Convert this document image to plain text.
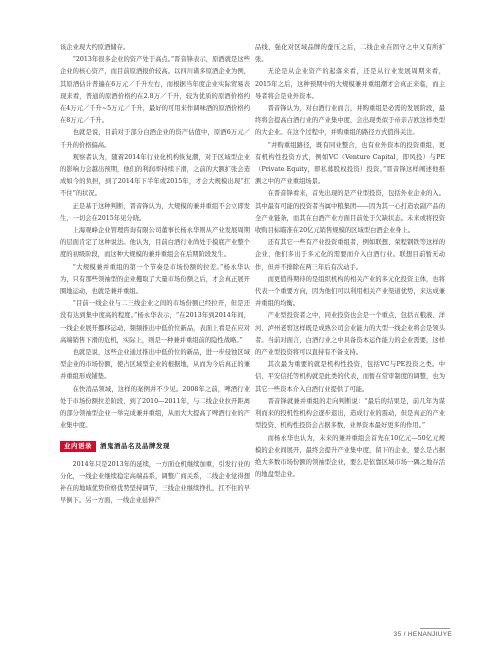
该企业现大约原酒储存。

“2013年很多企业的资产处于高点。”晋音锋表示，原酒就是这些企业的核心资产，而目前原酒报价较高。以四川诸多原酒企业为例，其原酒估计普遍在6万元／千升左右，而根据当年度企业实际贸易表现来看，普通的原酒价格约在2.8万／千升，较为优质的原酒价格约在4万元／千升~5万元／千升，最好的可用来作调味酒的原酒价格约在8万元／千升。

也就是说，目前对于部分白酒企业的资产估值中，原酒6万元／千升的价格偏高。

观察者认为，随着2014年行业化机构恢复潮，对于区域型企业的影响力会越出预期，他们的利润率持续下滑，之前的大额扩张会造成如今的负担，到了2014年下半年或2015年，才会大规模出现“扛不住”的状况。

正是基于这种判断，晋音锋认为，大规模的兼并重组不会立即发生，一切会在2015年见分晓。

上海观峰企业管理咨询有限公司董事长杨永华则从产业发展周期的层面肯定了这种说法。他认为，目前白酒行业尚处于摸底产业整个度的初级阶段，而这种大规模的兼并重组会在后期阶段发生。

“大规模兼并重组的第一个节奏是市场份额的拉差。”杨永华认为，只有那些领袖型的企业攫取了大量市场份额之后，才会真正展开圈地运动，也就是兼并重组。

“目前一线企业与二三线企业之间的市场份额已经拉开，但是还没有达到集中度高的程度。”杨永华表示，“在2013年到2014年间，一线企业展开挪移运动，频频推出中低价位新品，表面上看是在应对高端销售下滑的危机，实际上，则是一种兼并重组前的隐性战略。”

也就是说，这些企业通过推出中低价位的新品，进一步侵蚀区域型企业的市场份额，使占区域型企业的根据地，从而为今后真正的兼并重组形成铺垫。

在快消品领域，这样的案例并不少见。2008年之前，啤酒行业处于市场份额拉差阶段，到了2010—2011年，与二线企业拉开距离的部分领袖型企业一举完成兼并重组，从而大大提高了啤酒行业的产业集中度。

业内语录	酒鬼酒品名及品牌发现

2014年只是2013年的延续，一方面仓机继续加重，引发行业的分化，一线企业继续稳定高端品系，调整广商关系，二线企业觉得想补在的地域优势价格优势坚持调节，三线企业继续挣扎，扛不住的早早倒下。另一方面，一线企业延伸产

品线，强化对区域品牌的蚕压之后，二线企业在固守之中又有所扩张。

无论是从企业资产的起落来看，还是从行业发展周期来看，2015年之后，这种预期中的大规模兼并重组潮才会真正来临，而主导者将会是业外资本。

晋音锋认为，对白酒行业而言，并购重组是必需的发展阶段，最终将会提高白酒行业的产业集中度，会出现类似于帝亲吉欧这样类型的大企业。在这个过程中，并购重组的路径方式值得关注。

“并购重组路径，既有同业整合，也有业外资本的投资重组，更有机构性投资方式，例如VC（Venture Capital，即风投）与PE（Private Equity，即私募股权投资）投资。”晋音锋这样阐述他推测之中的产业重组场景。

在晋音锋看来，首先出现的是产业型投资，包括外业企业的入。其中最有可能的投资者当属中粮集团——因为其一心打造农副产品的全产业链条，而其在白酒产业方面目前处于欠缺状态。未来或将投资收购目标瞄准在20亿元销售规模的区域型白酒企业身上。

还有其它一些有产业投资重组者，例如联想、荣程钢铁等这样的企业，他们多出于多元化的需要而介入白酒行业。联想目前暂无动作，但并不排除在两三年后有次动手。

而更值得期待的是组织机构的相关产业的多元化投资主体，也将代表一个重要方向，因为他们可以利用相关产业渠道优势，来达成兼并重组的均衡。

产业型投资者之中，同业投资也会是一个重点，包括五粮液、洋河、泸州老窖这样既是成熟公司会业能力的大型一线企业将会是领头者。当前对面言，白酒行业之中具备资本运作能力的企业需要，这样的产业型投资将可以直持有不备支持。

其次最为重要的就是机构性投资，包括VC与PE投资之类。中信、平安信托等机构就是此类的代表，而暂在常审制度的调整，也为其它一些资本介入白酒行业提供了可能。

晋音锋就兼并重组的走向判断说：“最后的结果是，前几年为谋利而来的投机性机构会逐步退出，造成行业的震动，但是真正的产业型投资、机构性投资会占据多数，业界资本最好更多的作用。”

而杨永华也认为，未来的兼并重组会首先在10亿元—50亿元规模的企业间展开，最终会提升产业集中度，留下的企业，要么是占据绝大多数市场份额的领袖型企业，要么是依靠区域市场一隅之地存活的地盘型企业。

35 / HENANJIUYE
